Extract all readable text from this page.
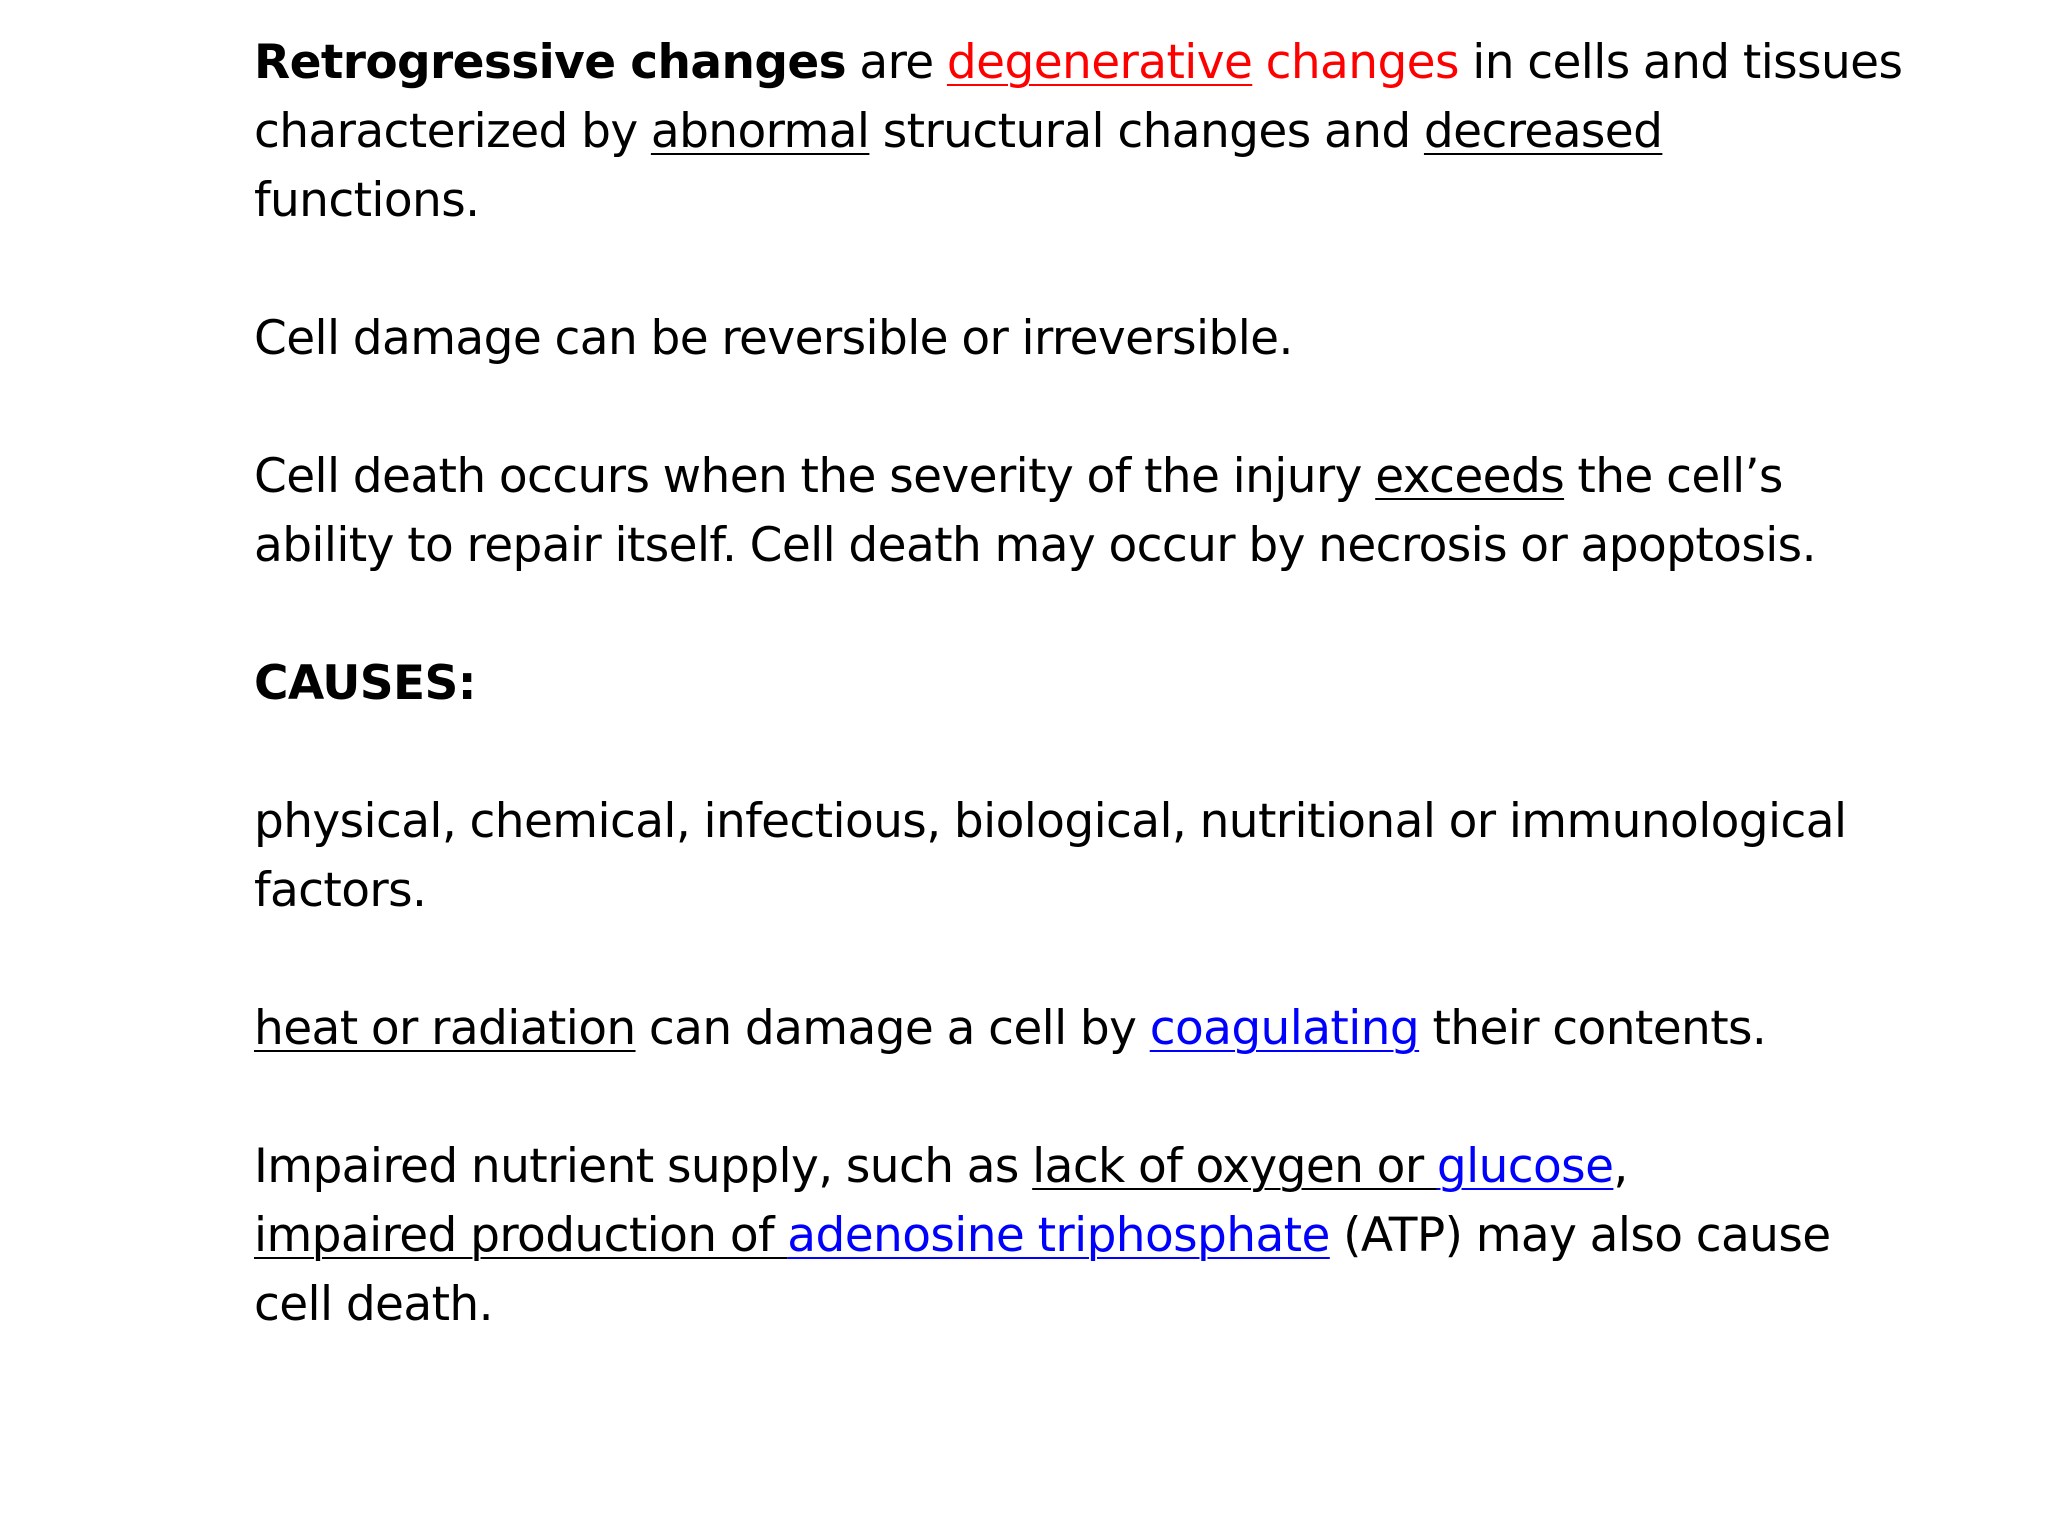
Retrogressive changes are degenerative changes in cells and tissues
characterized by abnormal structural changes and decreased
functions.
Cell damage can be reversible or irreversible.
Cell death occurs when the severity of the injury exceeds the cell’s
ability to repair itself. Cell death may occur by necrosis or apoptosis.
CAUSES:
physical, chemical, infectious, biological, nutritional or immunological
factors.
heat or radiation can damage a cell by coagulating their contents.
Impaired nutrient supply, such as lack of oxygen or glucose,
impaired production of adenosine triphosphate (ATP) may also cause
cell death.
